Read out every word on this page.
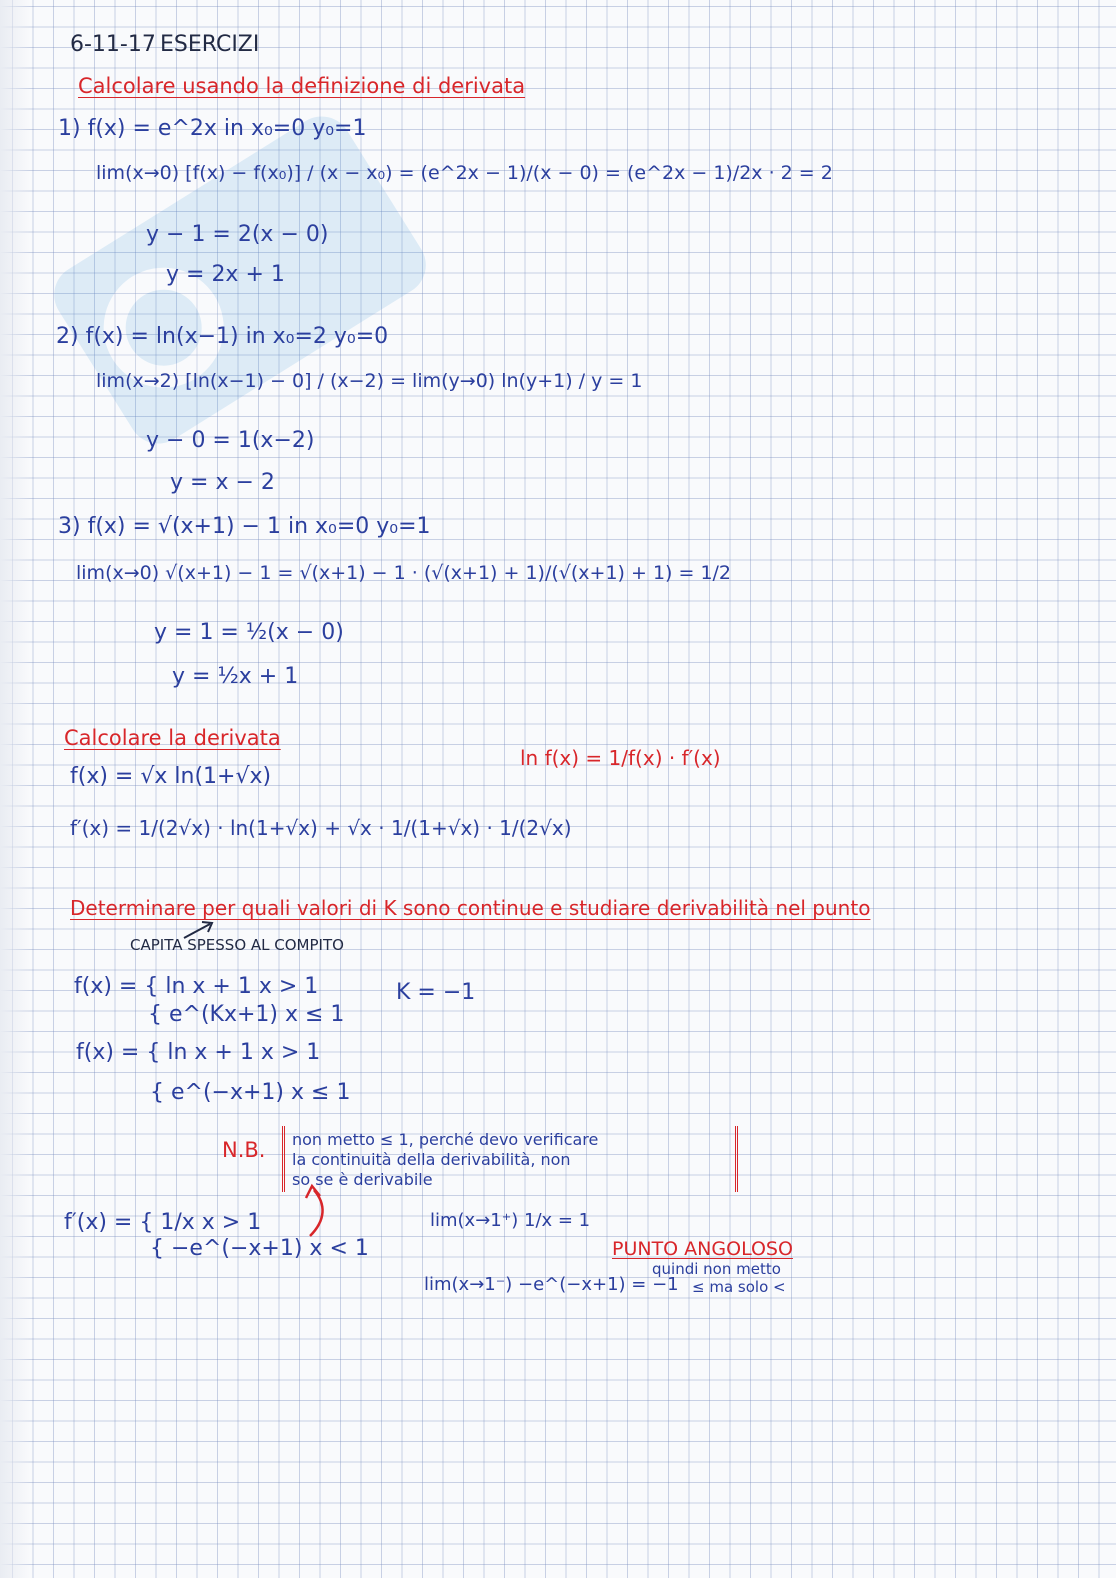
6-11-17 ESERCIZI
Calcolare usando la definizione di derivata
1) f(x) = e^2x in x₀=0 y₀=1
lim(x→0) [f(x) − f(x₀)] / (x − x₀) = (e^2x − 1)/(x − 0) = (e^2x − 1)/2x · 2 = 2
y − 1 = 2(x − 0)
y = 2x + 1
2) f(x) = ln(x−1) in x₀=2 y₀=0
lim(x→2) [ln(x−1) − 0] / (x−2) = lim(y→0) ln(y+1) / y = 1
y − 0 = 1(x−2)
y = x − 2
3) f(x) = √(x+1) − 1 in x₀=0 y₀=1
lim(x→0) √(x+1) − 1 = √(x+1) − 1 · (√(x+1) + 1)/(√(x+1) + 1) = 1/2
y = 1 = ½(x − 0)
y = ½x + 1
Calcolare la derivata
ln f(x) = 1/f(x) · f′(x)
f(x) = √x ln(1+√x)
f′(x) = 1/(2√x) · ln(1+√x) + √x · 1/(1+√x) · 1/(2√x)
Determinare per quali valori di K sono continue e studiare derivabilità nel punto
CAPITA SPESSO AL COMPITO
f(x) = { ln x + 1 x > 1
{ e^(Kx+1) x ≤ 1
K = −1
f(x) = { ln x + 1 x > 1
{ e^(−x+1) x ≤ 1
N.B. non metto ≤ 1, perché devo verificare
la continuità della derivabilità, non
so se è derivabile
f′(x) = { 1/x x > 1
{ −e^(−x+1) x < 1
lim(x→1⁺) 1/x = 1
lim(x→1⁻) −e^(−x+1) = −1
PUNTO ANGOLOSO
quindi non metto
≤ ma solo <
